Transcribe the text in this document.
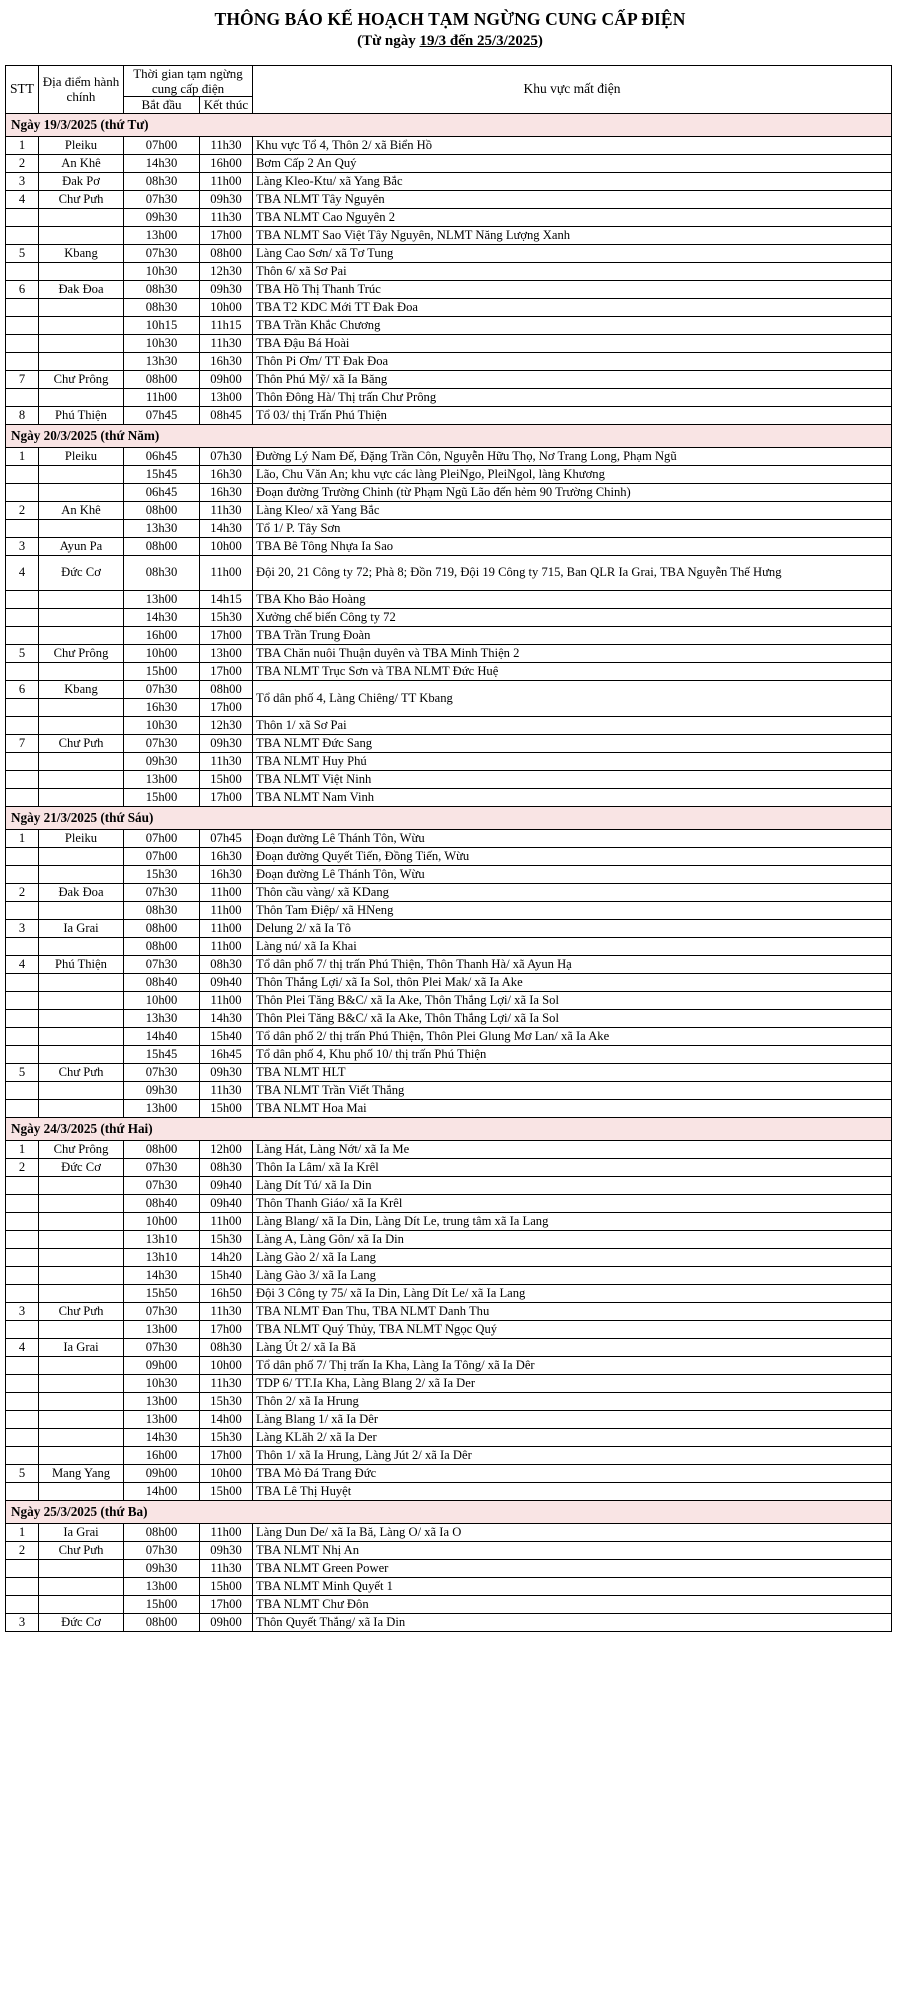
THÔNG BÁO KẾ HOẠCH TẠM NGỪNG CUNG CẤP ĐIỆN
(Từ ngày 19/3 đến 25/3/2025)
STT	Địa điểm hành chính	Thời gian tạm ngừng cung cấp điện		Khu vực mất điện
		Bắt đầu	Kết thúc	
Ngày 19/3/2025 (thứ Tư)				
1	Pleiku	07h00	11h30	Khu vực Tổ 4, Thôn 2/ xã Biển Hồ
2	An Khê	14h30	16h00	Bơm Cấp 2 An Quý
3	Đak Pơ	08h30	11h00	Làng Kleo-Ktu/ xã Yang Bắc
4	Chư Pưh	07h30	09h30	TBA NLMT Tây Nguyên
		09h30	11h30	TBA NLMT Cao Nguyên 2
		13h00	17h00	TBA NLMT Sao Việt Tây Nguyên, NLMT Năng Lượng Xanh
5	Kbang	07h30	08h00	Làng Cao Sơn/ xã Tơ Tung
		10h30	12h30	Thôn 6/ xã Sơ Pai
6	Đak Đoa	08h30	09h30	TBA Hồ Thị Thanh Trúc
		08h30	10h00	TBA T2 KDC Mới TT Đak Đoa
		10h15	11h15	TBA Trần Khắc Chương
		10h30	11h30	TBA Đậu Bá Hoài
		13h30	16h30	Thôn Pi Ơm/ TT Đak Đoa
7	Chư Prông	08h00	09h00	Thôn Phú Mỹ/ xã Ia Băng
		11h00	13h00	Thôn Đông Hà/ Thị trấn Chư Prông
8	Phú Thiện	07h45	08h45	Tổ 03/ thị Trấn Phú Thiện
Ngày 20/3/2025 (thứ Năm)				
1	Pleiku	06h45	07h30	Đường Lý Nam Đế, Đặng Trần Côn, Nguyễn Hữu Thọ, Nơ Trang Long, Phạm Ngũ
		15h45	16h30	Lão, Chu Văn An; khu vực các làng PleiNgo, PleiNgol, làng Khương
		06h45	16h30	Đoạn đường Trường Chinh (từ Phạm Ngũ Lão đến hẻm 90 Trường Chinh)
2	An Khê	08h00	11h30	Làng Kleo/ xã Yang Bắc
		13h30	14h30	Tổ 1/ P. Tây Sơn
3	Ayun Pa	08h00	10h00	TBA Bê Tông Nhựa Ia Sao
4	Đức Cơ	08h30	11h00	Đội 20, 21 Công ty 72; Phà 8; Đồn 719, Đội 19 Công ty 715, Ban QLR Ia Grai, TBA Nguyễn Thế Hưng
		13h00	14h15	TBA Kho Bảo Hoàng
		14h30	15h30	Xưởng chế biến Công ty 72
		16h00	17h00	TBA Trần Trung Đoàn
5	Chư Prông	10h00	13h00	TBA Chăn nuôi Thuận duyên và TBA Minh Thiện 2
		15h00	17h00	TBA NLMT Trục Sơn và TBA NLMT Đức Huệ
6	Kbang	07h30	08h00	Tổ dân phố 4, Làng Chiêng/ TT Kbang
		16h30	17h00	
		10h30	12h30	Thôn 1/ xã Sơ Pai
7	Chư Pưh	07h30	09h30	TBA NLMT Đức Sang
		09h30	11h30	TBA NLMT Huy Phú
		13h00	15h00	TBA NLMT Việt Ninh
		15h00	17h00	TBA NLMT Nam Vinh
Ngày 21/3/2025 (thứ Sáu)				
1	Pleiku	07h00	07h45	Đoạn đường Lê Thánh Tôn, Wừu
		07h00	16h30	Đoạn đường Quyết Tiến, Đồng Tiến, Wừu
		15h30	16h30	Đoạn đường Lê Thánh Tôn, Wừu
2	Đak Đoa	07h30	11h00	Thôn cầu vàng/ xã KDang
		08h30	11h00	Thôn Tam Điệp/ xã HNeng
3	Ia Grai	08h00	11h00	Delung 2/ xã Ia Tô
		08h00	11h00	Làng nú/ xã Ia Khai
4	Phú Thiện	07h30	08h30	Tổ dân phố 7/ thị trấn Phú Thiện, Thôn Thanh Hà/ xã Ayun Hạ
		08h40	09h40	Thôn Thắng Lợi/ xã Ia Sol, thôn Plei Mak/ xã Ia Ake
		10h00	11h00	Thôn Plei Tăng B&C/ xã Ia Ake, Thôn Thắng Lợi/ xã Ia Sol
		13h30	14h30	Thôn Plei Tăng B&C/ xã Ia Ake, Thôn Thắng Lợi/ xã Ia Sol
		14h40	15h40	Tổ dân phố 2/ thị trấn Phú Thiện, Thôn Plei Glung Mơ Lan/ xã Ia Ake
		15h45	16h45	Tổ dân phố 4, Khu phố 10/ thị trấn Phú Thiện
5	Chư Pưh	07h30	09h30	TBA NLMT HLT
		09h30	11h30	TBA NLMT Trần Viết Thắng
		13h00	15h00	TBA NLMT Hoa Mai
Ngày 24/3/2025 (thứ Hai)				
1	Chư Prông	08h00	12h00	Làng Hát, Làng Nớt/ xã Ia Me
2	Đức Cơ	07h30	08h30	Thôn Ia Lâm/ xã Ia Krêl
		07h30	09h40	Làng Dít Tú/ xã Ia Din
		08h40	09h40	Thôn Thanh Giáo/ xã Ia Krêl
		10h00	11h00	Làng Blang/ xã Ia Din, Làng Dít Le, trung tâm xã Ia Lang
		13h10	15h30	Làng A, Làng Gôn/ xã Ia Din
		13h10	14h20	Làng Gào 2/ xã Ia Lang
		14h30	15h40	Làng Gào 3/ xã Ia Lang
		15h50	16h50	Đội 3 Công ty 75/ xã Ia Din, Làng Dít Le/ xã Ia Lang
3	Chư Pưh	07h30	11h30	TBA NLMT Đan Thu, TBA NLMT Danh Thu
		13h00	17h00	TBA NLMT Quý Thủy, TBA NLMT Ngọc Quý
4	Ia Grai	07h30	08h30	Làng Út 2/ xã Ia Bă
		09h00	10h00	Tổ dân phố 7/ Thị trấn Ia Kha, Làng Ia Tông/ xã Ia Dêr
		10h30	11h30	TDP 6/ TT.Ia Kha, Làng Blang 2/ xã Ia Der
		13h00	15h30	Thôn 2/ xã Ia Hrung
		13h00	14h00	Làng Blang 1/ xã Ia Dêr
		14h30	15h30	Làng KLăh 2/ xã Ia Der
		16h00	17h00	Thôn 1/ xã Ia Hrung, Làng Jút 2/ xã Ia Dêr
5	Mang Yang	09h00	10h00	TBA Mỏ Đá Trang Đức
		14h00	15h00	TBA Lê Thị Huyệt
Ngày 25/3/2025 (thứ Ba)				
1	Ia Grai	08h00	11h00	Làng Dun De/ xã Ia Bă, Làng O/ xã Ia O
2	Chư Pưh	07h30	09h30	TBA NLMT Nhị An
		09h30	11h30	TBA NLMT Green Power
		13h00	15h00	TBA NLMT Minh Quyết 1
		15h00	17h00	TBA NLMT Chư Đôn
3	Đức Cơ	08h00	09h00	Thôn Quyết Thắng/ xã Ia Din
